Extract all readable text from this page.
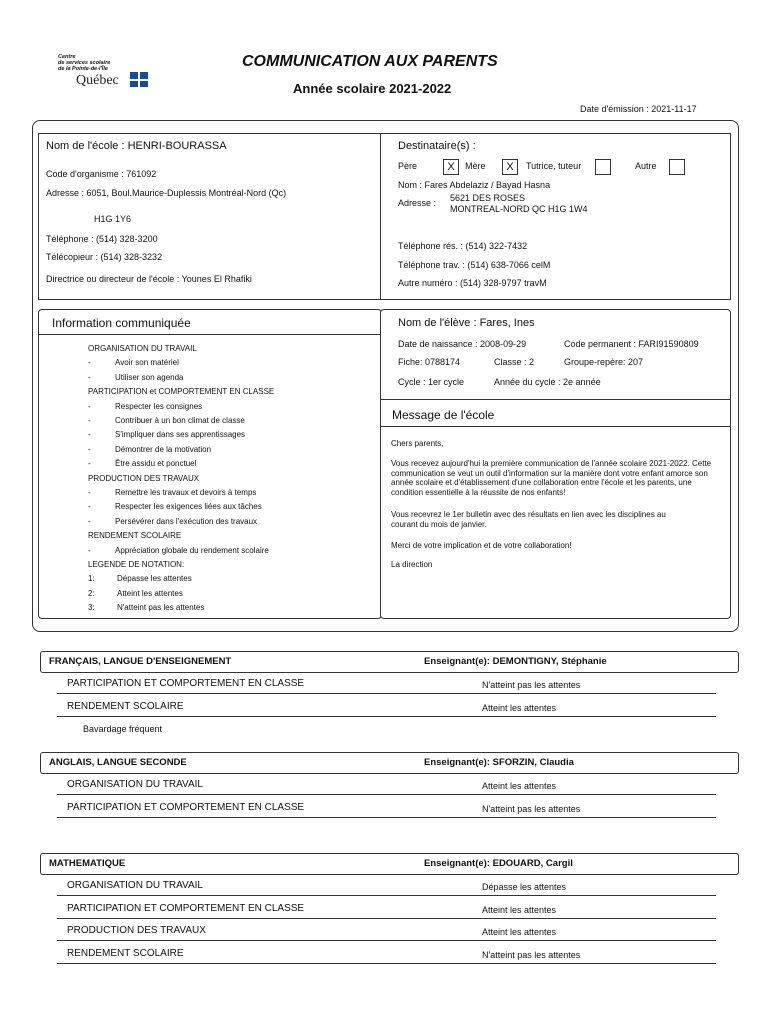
Centre
de services scolaire
de la Pointe-de-l'Île
Québec
COMMUNICATION AUX PARENTS
Année scolaire 2021-2022
Date d'émission : 2021-11-17
Nom de l'école : HENRI-BOURASSA
Code d'organisme : 761092
Adresse : 6051, Boul.Maurice-Duplessis Montréal-Nord (Qc)
H1G 1Y6
Téléphone : (514) 328-3200
Télécopieur : (514) 328-3232
Directrice ou directeur de l'école : Younes El Rhafiki
Destinataire(s) :
Père	X	Mère	X	Tutrice, tuteur	Autre
Nom : Fares Abdelaziz / Bayad Hasna
Adresse : 5621 DES ROSES
MONTREAL-NORD QC H1G 1W4
Téléphone rés. : (514) 322-7432
Téléphone trav. : (514) 638-7066 celM
Autre numéro : (514) 328-9797 travM
Information communiquée
ORGANISATION DU TRAVAIL
-	Avoir son matériel
-	Utiliser son agenda
PARTICIPATION et COMPORTEMENT EN CLASSE
-	Respecter les consignes
-	Contribuer à un bon climat de classe
-	S'impliquer dans ses apprentissages
-	Démontrer de la motivation
-	Être assidu et ponctuel
PRODUCTION DES TRAVAUX
-	Remettre les travaux et devoirs à temps
-	Respecter les exigences liées aux tâches
-	Persévérer dans l'exécution des travaux
RENDEMENT SCOLAIRE
-	Appréciation globale du rendement scolaire
LEGENDE DE NOTATION:
1:	Dépasse les attentes
2:	Atteint les attentes
3:	N'atteint pas les attentes
Nom de l'élève : Fares, Ines
Date de naissance : 2008-09-29	Code permanent : FARI91590809
Fiche: 0788174	Classe : 2	Groupe-repère: 207
Cycle : 1er cycle	Année du cycle : 2e année
Message de l'école
Chers parents,
Vous recevez aujourd'hui la première communication de l'année scolaire 2021-2022. Cette communication se veut un outil d'information sur la manière dont votre enfant amorce son année scolaire et d'établissement d'une collaboration entre l'école et les parents, une condition essentielle à la réussite de nos enfants!
Vous recevrez le 1er bulletin avec des résultats en lien avec les disciplines au courant du mois de janvier.
Merci de votre implication et de votre collaboration!
La direction
FRANÇAIS, LANGUE D'ENSEIGNEMENT	Enseignant(e): DEMONTIGNY, Stéphanie
PARTICIPATION ET COMPORTEMENT EN CLASSE	N'atteint pas les attentes
RENDEMENT SCOLAIRE	Atteint les attentes
Bavardage fréquent
ANGLAIS, LANGUE SECONDE	Enseignant(e): SFORZIN, Claudia
ORGANISATION DU TRAVAIL	Atteint les attentes
PARTICIPATION ET COMPORTEMENT EN CLASSE	N'atteint pas les attentes
MATHEMATIQUE	Enseignant(e): EDOUARD, Cargil
ORGANISATION DU TRAVAIL	Dépasse les attentes
PARTICIPATION ET COMPORTEMENT EN CLASSE	Atteint les attentes
PRODUCTION DES TRAVAUX	Atteint les attentes
RENDEMENT SCOLAIRE	N'atteint pas les attentes
